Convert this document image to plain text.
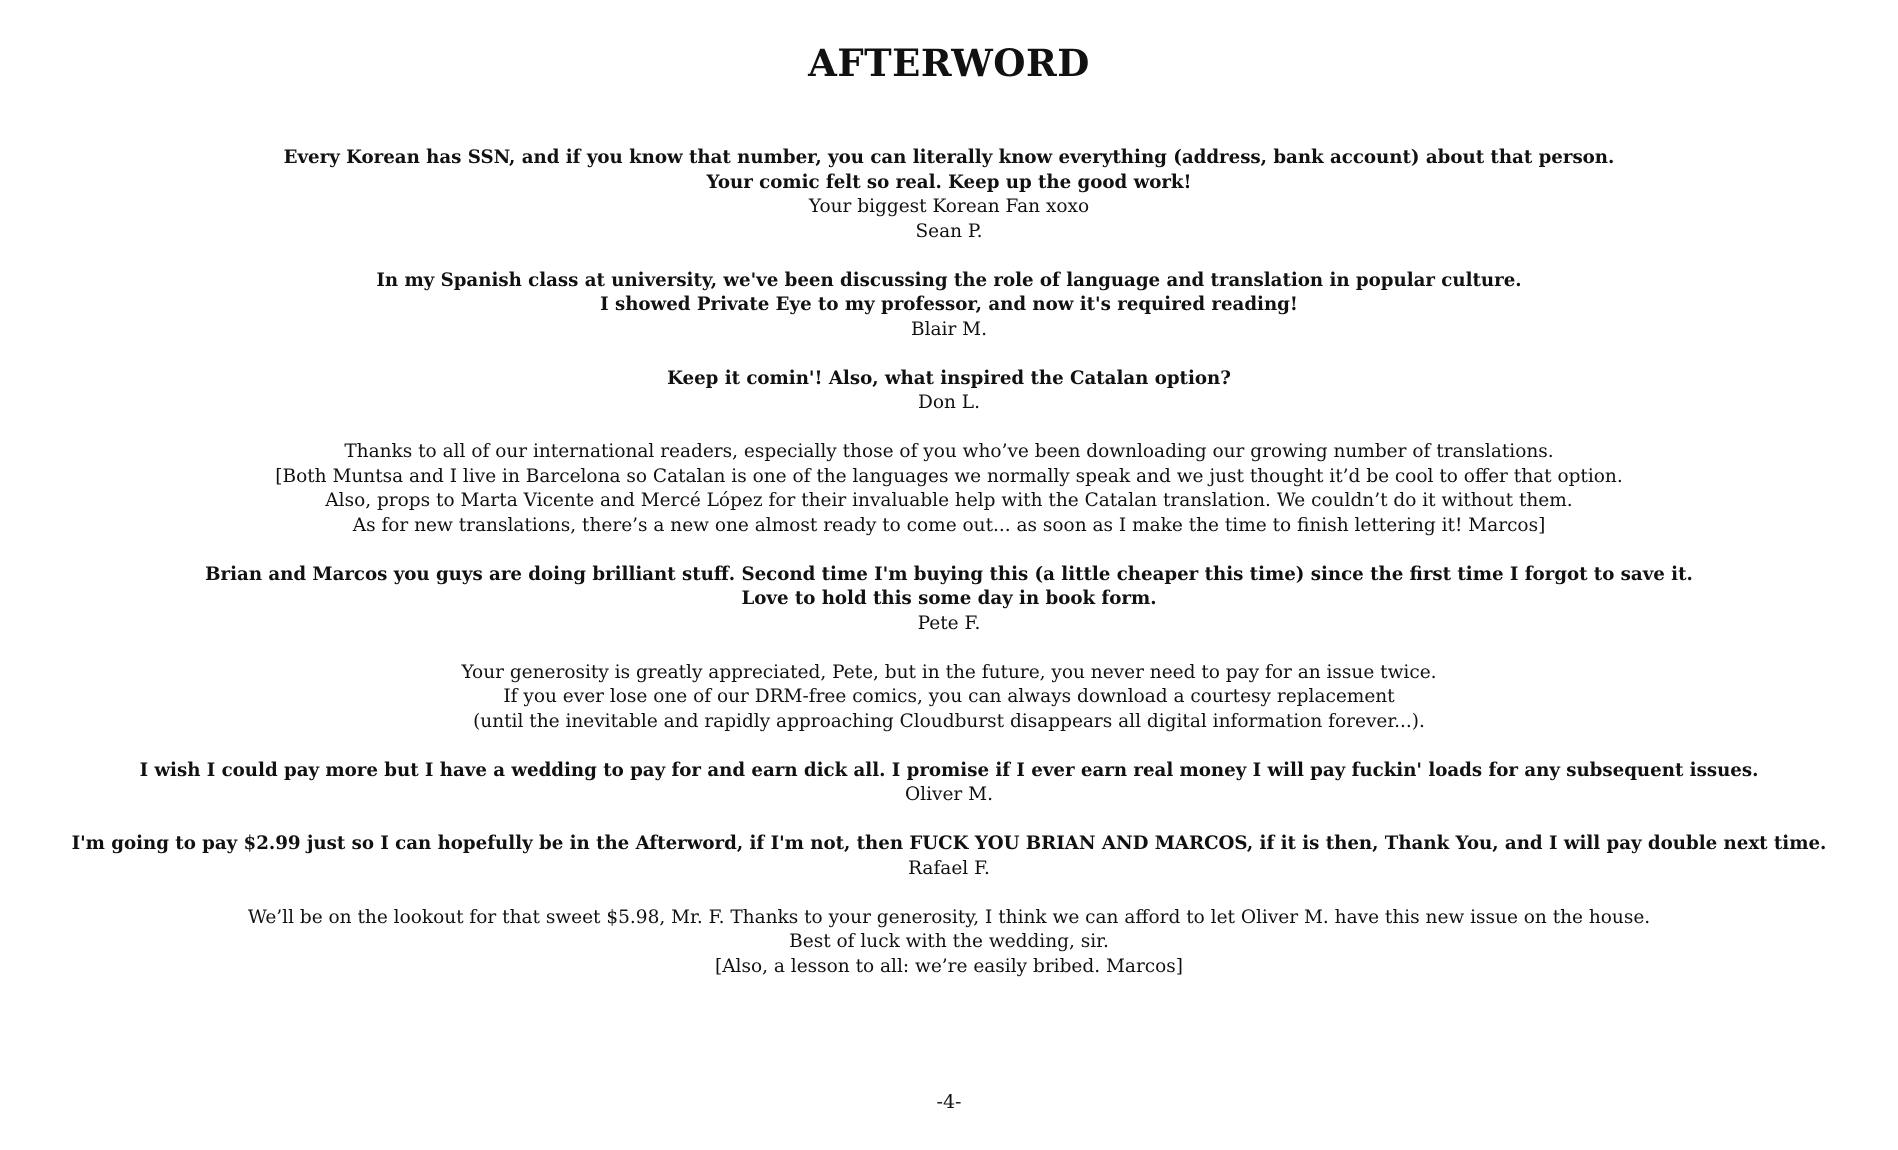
AFTERWORD
Every Korean has SSN, and if you know that number, you can literally know everything (address, bank account) about that person.
Your comic felt so real. Keep up the good work!
Your biggest Korean Fan xoxo
Sean P.
In my Spanish class at university, we've been discussing the role of language and translation in popular culture.
I showed Private Eye to my professor, and now it's required reading!
Blair M.
Keep it comin'! Also, what inspired the Catalan option?
Don L.
Thanks to all of our international readers, especially those of you who’ve been downloading our growing number of translations.
[Both Muntsa and I live in Barcelona so Catalan is one of the languages we normally speak and we just thought it’d be cool to offer that option.
Also, props to Marta Vicente and Mercé López for their invaluable help with the Catalan translation. We couldn’t do it without them.
As for new translations, there’s a new one almost ready to come out... as soon as I make the time to finish lettering it! Marcos]
Brian and Marcos you guys are doing brilliant stuff. Second time I'm buying this (a little cheaper this time) since the first time I forgot to save it.
Love to hold this some day in book form.
Pete F.
Your generosity is greatly appreciated, Pete, but in the future, you never need to pay for an issue twice.
If you ever lose one of our DRM-free comics, you can always download a courtesy replacement
(until the inevitable and rapidly approaching Cloudburst disappears all digital information forever...).
I wish I could pay more but I have a wedding to pay for and earn dick all. I promise if I ever earn real money I will pay fuckin' loads for any subsequent issues.
Oliver M.
I'm going to pay $2.99 just so I can hopefully be in the Afterword, if I'm not, then FUCK YOU BRIAN AND MARCOS, if it is then, Thank You, and I will pay double next time.
Rafael F.
We’ll be on the lookout for that sweet $5.98, Mr. F. Thanks to your generosity, I think we can afford to let Oliver M. have this new issue on the house.
Best of luck with the wedding, sir.
[Also, a lesson to all: we’re easily bribed. Marcos]
-4-
